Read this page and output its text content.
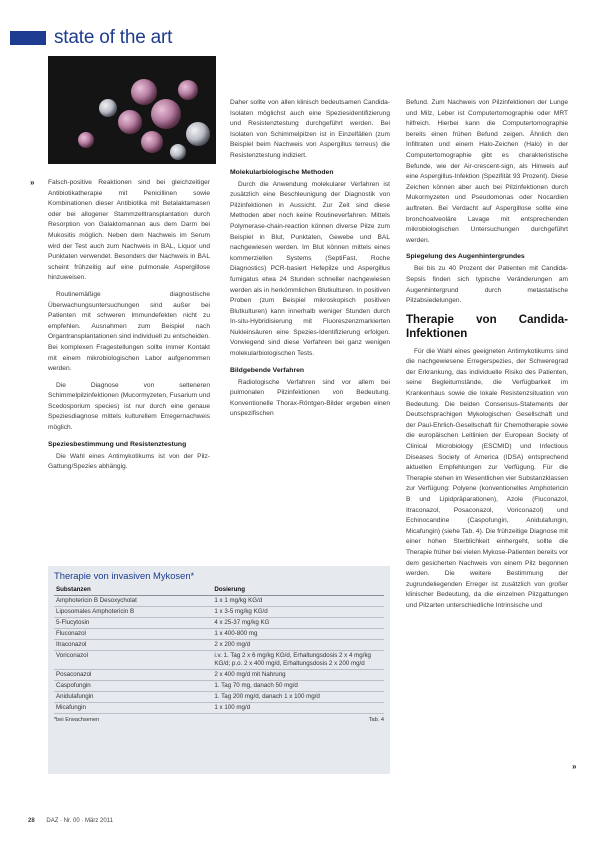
state of the art
» Falsch-positive Reaktionen sind bei gleichzeitiger Antibiotikatherapie mit Penicillinen sowie Kombinationen dieser Antibiotika mit Betalaktamasen oder bei allogener Stammzelltransplantation durch Resorption von Galaktomannan aus dem Darm bei Mukositis möglich. Neben dem Nachweis im Serum wird der Test auch zum Nachweis in BAL, Liquor und Punktaten verwendet. Besonders der Nachweis in BAL scheint frühzeitig auf eine pulmonale Aspergillose hinzuweisen.

Routinemäßige diagnostische Überwachungsuntersuchungen sind außer bei Patienten mit schweren Immundefekten nicht zu empfehlen. Ausnahmen zum Beispiel nach Organtransplantationen sind individuell zu entscheiden. Bei komplexen Fragestellungen sollte immer Kontakt mit einem mikrobiologischen Labor aufgenommen werden.

Die Diagnose von selteneren Schimmelpilzinfektionen (Mucormyzeten, Fusarium und Scedosporium species) ist nur durch eine genaue Speziesdiagnose mittels kulturellem Erregernachweis möglich.

Speziesbestimmung und Resistenztestung

Die Wahl eines Antimykotikums ist von der Pilz-Gattung/Spezies abhängig.

Daher sollte von allen klinisch bedeutsamen Candida-Isolaten möglichst auch eine Speziesidentifizierung und Resistenztestung durchgeführt werden. Bei Isolaten von Schimmelpilzen ist in Einzelfällen (zum Beispiel beim Nachweis von Aspergillus terreus) die Resistenztestung indiziert.

Molekularbiologische Methoden

Durch die Anwendung molekularer Verfahren ist zusätzlich eine Beschleunigung der Diagnostik von Pilzinfektionen in Aussicht. Zur Zeit sind diese Methoden aber noch keine Routineverfahren. Mittels Polymerase-chain-reaction können diverse Pilze zum Beispiel in Blut, Punktaten, Gewebe und BAL nachgewiesen werden. Im Blut können mittels eines kommerziellen Systems (SeptiFast, Roche Diagnostics) PCR-basiert Hefepilze und Aspergillus fumigatus etwa 24 Stunden schneller nachgewiesen werden als in herkömmlichen Blutkulturen. In positiven Proben (zum Beispiel mikroskopisch positiven Blutkulturen) kann innerhalb weniger Stunden durch In-situ-Hybridisierung mit Fluoreszenzmarkierten Nukleinsäuren eine Spezies-Identifizierung erfolgen. Vorwiegend sind diese Verfahren bei ganz wenigen molekularbiologischen Tests.

Bildgebende Verfahren

Radiologische Verfahren sind vor allem bei pulmonalen Pilzinfektionen von Bedeutung. Konventionelle Thorax-Röntgen-Bilder ergeben einen unspezifischen

Befund. Zum Nachweis von Pilzinfektionen der Lunge und Milz, Leber ist Computertomographie oder MRT hilfreich. Hierbei kann die Computertomographie bereits einen frühen Befund zeigen. Ähnlich den Infiltraten und einem Halo-Zeichen (Halo) in der Computertomographie gibt es charakteristische Befunde, wie der Air-crescent-sign, als Hinweis auf eine Aspergillus-Infektion (Spezifität 93 Prozent). Diese Zeichen können aber auch bei Pilzinfektionen durch Mukormyzeten und Pseudomonas oder Nocardien auftreten. Bei Verdacht auf Aspergillose sollte eine bronchoalveoläre Lavage mit entsprechenden mikrobiologischen Untersuchungen durchgeführt werden.

Spiegelung des Augenhintergrundes

Bei bis zu 40 Prozent der Patienten mit Candida-Sepsis finden sich typische Veränderungen am Augenhintergrund durch metastatische Pilzabsiedelungen.

Therapie von Candida-Infektionen

Für die Wahl eines geeigneten Antimykotikums sind die nachgewiesene Erregerspezies, der Schweregrad der Erkrankung, das individuelle Risiko des Patienten, seine Begleitumstände, die Verfügbarkeit im Krankenhaus sowie die lokale Resistenzsituation von Bedeutung. Die beiden Consensus-Statements der Deutschsprachigen Mykologischen Gesellschaft und der Paul-Ehrlich-Gesellschaft für Chemotherapie sowie die europäischen Leitlinien der European Society of Clinical Microbiology (ESCMID) und Infectious Diseases Society of America (IDSA) entsprechend aktuellen Empfehlungen zur Verfügung. Für die Therapie stehen im Wesentlichen vier Substanzklassen zur Verfügung: Polyene (konventionelles Amphotericin B und Lipidpräparationen), Azole (Fluconazol, Itraconazol, Posaconazol, Voriconazol) und Echinocandine (Caspofungin, Anidulafungin, Micafungin) (siehe Tab. 4). Die frühzeitige Diagnose mit einer hohen Sterblichkeit einhergeht, sollte die Therapie früher bei vielen Mykose-Patienten bereits vor dem gesicherten Nachweis von einem Pilz begonnen werden. Die weitere Bestimmung der zugrundeliegenden Erreger ist zusätzlich von großer klinischer Bedeutung, da die einzelnen Pilzgattungen und Pilzarten unterschiedliche Intrinsische und

»
Therapie von invasiven Mykosen*
Substanzen	Dosierung
Amphotericin B Desoxycholat	1 x 1 mg/kg KG/d
Liposomales Amphotericin B	1 x 3-5 mg/kg KG/d
5-Flucytosin	4 x 25-37 mg/kg KG
Fluconazol	1 x 400-800 mg
Itraconazol	2 x 200 mg/d
Voriconazol	i.v. 1. Tag 2 x 6 mg/kg KG/d, Erhaltungsdosis 2 x 4 mg/kg KG/d; p.o. 2 x 400 mg/d, Erhaltungsdosis 2 x 200 mg/d
Posaconazol	2 x 400 mg/d mit Nahrung
Caspofungin	1. Tag 70 mg, danach 50 mg/d
Anidulafungin	1. Tag 200 mg/d, danach 1 x 100 mg/d
Micafungin	1 x 100 mg/d
*bei Erwachsenen	Tab. 4
28 DAZ · Nr. 00 · März 2011
